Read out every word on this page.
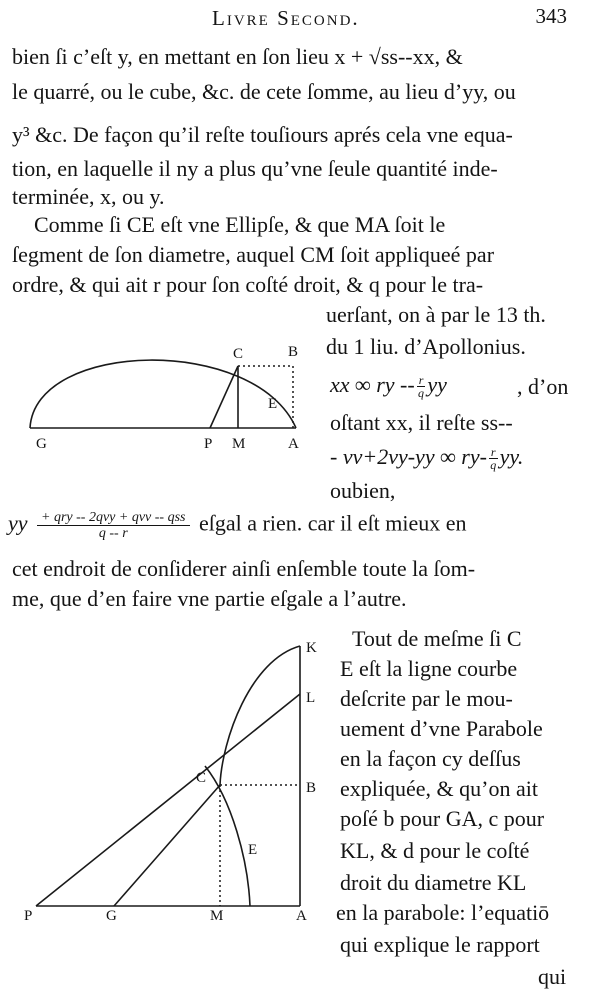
Livre Second.	343
bien ſi c’eſt y, en mettant en ſon lieu x + √ss--xx, &
le quarré, ou le cube, &c. de cete ſomme, au lieu d’yy, ou
y³ &c. De façon qu’il reſte touſiours aprés cela vne equa-
tion, en laquelle il ny a plus qu’vne ſeule quantité inde-
terminée, x, ou y.
Comme ſi CE eſt vne Ellipſe, & que MA ſoit le
ſegment de ſon diametre, auquel CM ſoit appliqueé par
ordre, & qui ait r pour ſon coſté droit, & q pour le tra-
uerſant, on à par le 13 th.
du 1 liu. d’Apollonius.
xx ∞ ry -- $\frac{r}{q}$ yy	, d’on
oſtant xx, il reſte ss--
- vv+2vy-yy ∞ $ry- \frac{r}{q}$ yy.
oubien,
yy $\frac{\text{+ qry -- 2qvy + qvv -- qss}}{q -- r}$ eſgal a rien. car il eſt mieux en
cet endroit de conſiderer ainſi enſemble toute la ſom-
me, que d’en faire vne partie eſgale a l’autre.
Tout de meſme ſi C
E eſt la ligne courbe
deſcrite par le mou-
uement d’vne Parabole
en la façon cy deſſus
expliquée, & qu’on ait
poſé b pour GA, c pour
KL, & d pour le coſté
droit du diametre KL
en la parabole: l’equatiō
qui explique le rapport
qui
C	B
E
G	P M	A
K
L
C
B
E
P	G	M	A
